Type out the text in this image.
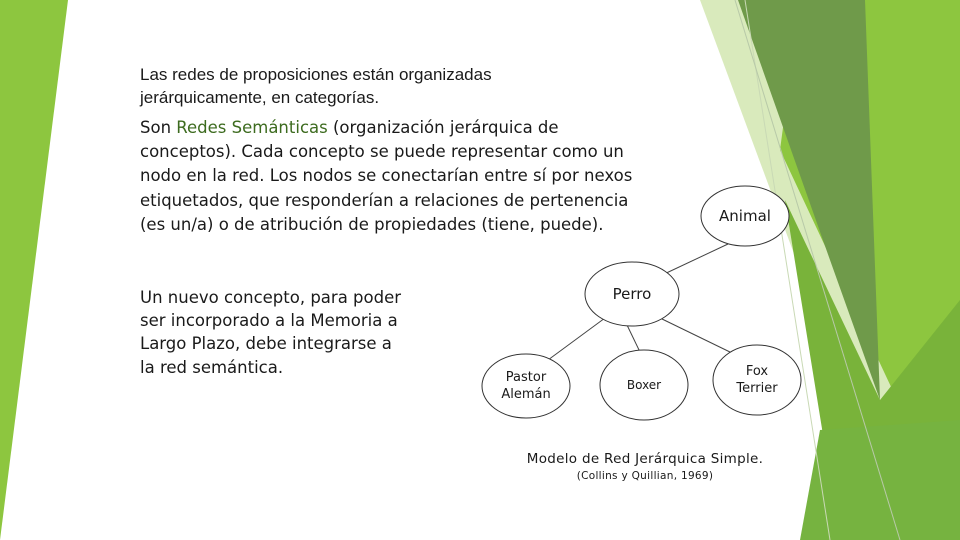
Las redes de proposiciones están organizadas jerárquicamente, en categorías.
Son Redes Semánticas (organización jerárquica de conceptos). Cada concepto se puede representar como un nodo en la red. Los nodos se conectarían entre sí por nexos etiquetados, que responderían a relaciones de pertenencia (es un/a) o de atribución de propiedades (tiene, puede).
Un nuevo concepto, para poder ser incorporado a la Memoria a Largo Plazo, debe integrarse a la red semántica.
Animal
Perro
Pastor
Alemán
Boxer
Fox
Terrier
Modelo de Red Jerárquica Simple.
(Collins y Quillian, 1969)
